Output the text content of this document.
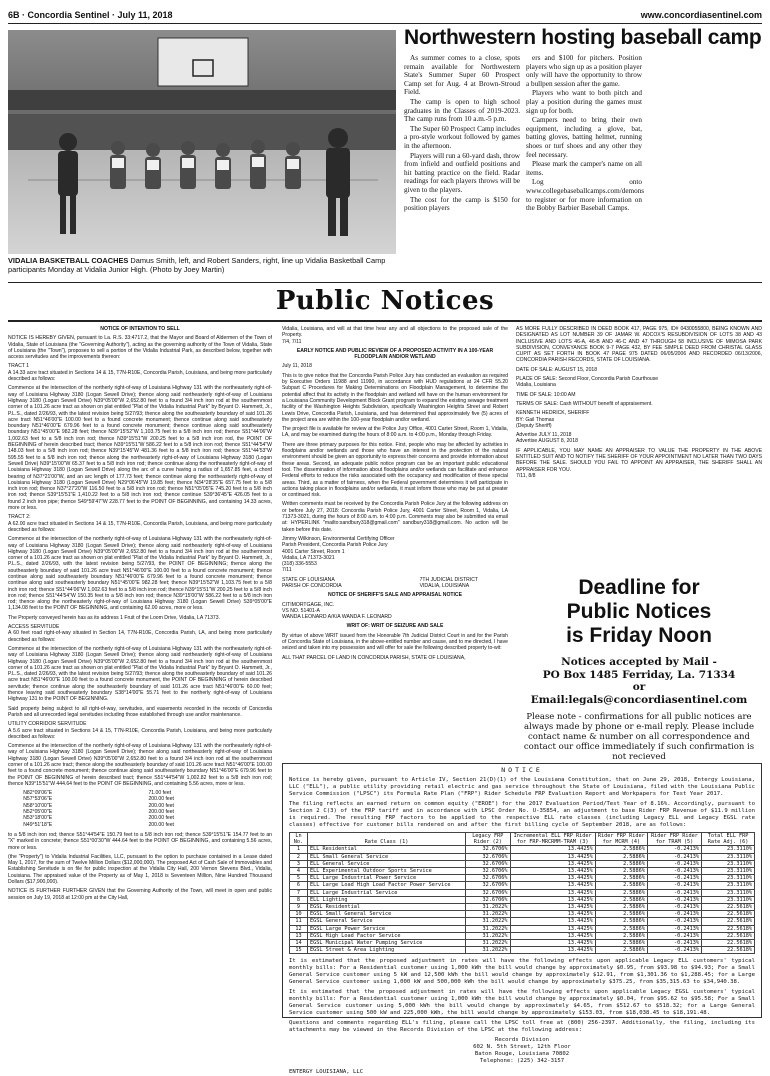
6B · Concordia Sentinel · July 11, 2018	www.concordiasentinel.com
VIDALIA BASKETBALL COACHES Damus Smith, left, and Robert Sanders, right, line up Vidalia Basketball Camp participants Monday at Vidalia Junior High. (Photo by Joey Martin)
Northwestern hosting baseball camp

As summer comes to a close, spots remain available for Northwestern State's Summer Super 60 Prospect Camp set for Aug. 4 at Brown-Stroud Field.

The camp is open to high school graduates in the Classes of 2019-2023. The camp runs from 10 a.m.-5 p.m.

The Super 60 Prospect Camp includes a pro-style workout followed by games in the afternoon.

Players will run a 60-yard dash, throw from infield and outfield positions and hit batting practice on the field. Radar readings for each players throws will be given to the players.

The cost for the camp is $150 for position players

ers and $100 for pitchers. Position players who sign up as a position player only will have the opportunity to throw a bullpen session after the game.

Players who want to both pitch and play a position during the games must sign up for both.

Campers need to bring their own equipment, including a glove, bat, batting gloves, batting helmet, running shoes or turf shoes and any other they feel necessary.

Please mark the camper's name on all items.

Log onto www.collegebaseballcamps.com/demons to register or for more information on the Bobby Barbier Baseball Camps.

Public Notices

NOTICE OF INTENTION TO SELL

NOTICE IS HEREBY GIVEN, pursuant to La. R.S. 33:4717.2, that the Mayor and Board of Aldermen of the Town of Vidalia, State of Louisiana (the "Governing Authority"), acting as the governing authority of the Town of Vidalia, State of Louisiana (the "Town"), proposes to sell a portion of the Vidalia Industrial Park, as described below, together with access servitudes and the improvements thereon:

TRACT 1
A 14.33 acre tract situated in Sections 14 & 15, T7N-R10E, Concordia Parish, Louisiana, and being more particularly described as follows:

Commence at the intersection of the northerly right-of-way of Louisiana Highway 131 with the northeasterly right-of-way of Louisiana Highway 3180 (Logan Sewell Drive); thence along said northeasterly right-of-way of Louisiana Highway 3180 (Logan Sewell Drive) N39°05'00"W 2,652.80 feet to a found 3/4 inch iron rod at the southernmost corner of a 101.26 acre tract as shown on plat entitled "Plat of the Vidalia Industrial Park" by Bryant O. Hammett, Jr., P.L.S., dated 2/26/93, with the latest revision being 5/27/93; thence along the southeasterly boundary of said 101.26 acre tract N51°46'00"E 100.00 feet to a found concrete monument; thence continue along said southeasterly boundary N51°46'00"E 679.96 feet to a found concrete monument; thence continue along said southeasterly boundary N51°45'00"E 982.28 feet; thence N39°15'52"W 1,103.75 feet to a 5/8 inch iron rod; thence S51°44'06"W 1,002.63 feet to a 5/8 inch iron rod; thence N39°15'51"W 200.25 feet to a 5/8 inch iron rod, the POINT OF BEGINNING of herein described tract; thence N39°15'51"W 586.22 feet to a 5/8 inch iron rod; thence S51°44'54"W 148.03 feet to a 5/8 inch iron rod; thence N39°15'45"W 481.36 feet to a 5/8 inch iron rod; thence S51°44'53"W 595.55 feet to a 5/8 inch iron rod; thence along the northeasterly right-of-way of Louisiana Highway 3180 (Logan Sewell Drive) N39°15'00"W 65.37 feet to a 5/8 inch iron rod; thence continue along the northeasterly right-of-way of Louisiana Highway 3180 (Logan Sewell Drive) along the arc of a curve having a radius of 1,657.85 feet, a chord bearing of N37°21'00"W, and an arc length of 177.73 feet; thence continue along the northeasterly right-of-way of Louisiana Highway 3180 (Logan Sewell Drive) N29°06'45"W 19.85 feet; thence N34°28'35"E 657.75 feet to a 5/8 inch iron rod; thence N37°27'20"W 116.50 feet to a 5/8 inch iron rod; thence N51°05'05"E 745.20 feet to a 5/8 inch iron rod; thence S39°15'51"E 1,410.22 feet to a 5/8 inch iron rod; thence continue S39°36'45"E 426.05 feet to a found 2 inch iron pipe; thence S49°59'47"W 228.77 feet to the POINT OF BEGINNING, and containing 14.33 acres, more or less.

TRACT 2:
A 62.00 acre tract situated in Sections 14 & 15, T7N-R10E, Concordia Parish, Louisiana, and being more particularly described as follows:

Commence at the intersection of the northerly right-of-way of Louisiana Highway 131 with the northeasterly right-of-way of Louisiana Highway 3180 (Logan Sewell Drive); thence along said northeasterly right-of-way of Louisiana Highway 3180 (Logan Sewell Drive) N39°05'00"W 2,652.80 feet to a found 3/4 inch iron rod at the southernmost corner of a 101.26 acre tract as shown on plat entitled "Plat of the Vidalia Industrial Park" by Bryant O. Hammett, Jr., P.L.S., dated 2/26/93, with the latest revision being 5/27/93, the POINT OF BEGINNING; thence along the southeasterly boundary of said 101.26 acre tract N51°46'00"E 100.00 feet to a found concrete monument; thence continue along said southeasterly boundary N51°46'00"E 679.96 feet to a found concrete monument; thence continue along said southeasterly boundary N51°45'00"E 982.28 feet; thence N39°15'52"W 1,103.75 feet to a 5/8 inch iron rod; thence S51°44'06"W 1,002.63 feet to a 5/8 inch iron rod; thence N39°15'51"W 200.25 feet to a 5/8 inch iron rod; thence S51°44'54"W 150.35 feet to a 5/8 inch iron rod; thence N39°15'00"W 586.22 feet to a 5/8 inch iron rod; thence along the northeasterly right-of-way of Louisiana Highway 3180 (Logan Sewell Drive) S39°05'00"E 1,134.08 feet to the POINT OF BEGINNING, and containing 62.00 acres, more or less.

The Property conveyed herein has as its address 1 Fruit of the Loom Drive, Vidalia, LA 71373.

ACCESS SERVITUDE
A 60 feet road right-of-way situated in Section 14, T7N-R10E, Concordia Parish, LA, and being more particularly described as follows:

Commence at the intersection of the northerly right-of-way of Louisiana Highway 131 with the northeasterly right-of-way of Louisiana Highway 3180 (Logan Sewell Drive); thence along said northeasterly right-of-way of Louisiana Highway 3180 (Logan Sewell Drive) N39°05'00"W 2,652.80 feet to a found 3/4 inch iron rod at the southernmost corner of a 101.26 acre tract as shown on plat entitled "Plat of the Vidalia Industrial Park" by Bryant O. Hammett, Jr., P.L.S., dated 2/26/93, with the latest revision being 5/27/93; thence along the southeasterly boundary of said 101.26 acre tract N51°46'00"E 100.00 feet to a found concrete monument, the POINT OF BEGINNING of herein described servitude; thence continue along the southeasterly boundary of said 101.26 acre tract N51°46'00"E 60.00 feet; thence leaving said southeasterly boundary S38°14'00"E 55.71 feet to the northerly right-of-way of Louisiana Highway 131 to the POINT OF BEGINNING.

Said property being subject to all right-of-way, servitudes, and easements recorded in the records of Concordia Parish and all unrecorded legal servitudes including those established through use and/or maintenance.

UTILITY CORRIDOR SERVITUDE
A 5.6 acre tract situated in Sections 14 & 15, T7N-R10E, Concordia Parish, Louisiana, and being more particularly described as follows:

Commence at the intersection of the northerly right-of-way of Louisiana Highway 131 with the northeasterly right-of-way of Louisiana Highway 3180 (Logan Sewell Drive); thence along said northeasterly right-of-way of Louisiana Highway 3180 (Logan Sewell Drive) N39°05'00"W 2,652.80 feet to a found 3/4 inch iron rod at the southernmost corner of a 101.26 acre tract; thence along the southeasterly boundary of said 101.26 acre tract N51°46'00"E 100.00 feet to a found concrete monument; thence continue along said southeasterly boundary N51°46'00"E 679.96 feet to the POINT OF BEGINNING of herein described tract; thence S51°44'54"W 1,002.82 feet to a 5/8 inch iron rod; thence N39°15'51"W 444.64 feet to the POINT OF BEGINNING, and containing 5.56 acres, more or less.

N82°09'06"E	71.00 feet
N57°53'06"E	200.00 feet
N58°10'00"E	200.00 feet
N52°05'00"E	200.00 feet
N53°18'00"E	200.00 feet
N49°51'18"E	200.00 feet

to a 5/8 inch iron rod; thence S51°44'54"E 150.79 feet to a 5/8 inch iron rod; thence S39°15'51"E 154.77 feet to an "X" marked in concrete; thence S51°00'30"W 444.64 feet to the POINT OF BEGINNING, and containing 5.56 acres, more or less.

(the "Property") to Vidalia Industrial Facilities, LLC, pursuant to the option to purchase contained in a Lease dated May 1, 2017, for the sum of Twelve Million Dollars ($12,000,000). The proposed Act of Cash Sale of Immovables and Establishing Servitude is on file for public inspection at the Vidalia City Hall, 200 Vernon Stevens Blvd., Vidalia, Louisiana. The appraised value of the Property as of May 1, 2018 is Seventeen Million, Nine Hundred Thousand Dollars ($17,900,000).

NOTICE IS FURTHER FURTHER GIVEN that the Governing Authority of the Town, will meet in open and public session on July 19, 2018 at 12:00 pm at the City Hall,

Vidalia, Louisiana, and will at that time hear any and all objections to the proposed sale of the Property.
7/4, 7/11

EARLY NOTICE AND PUBLIC REVIEW OF A PROPOSED ACTIVITY IN A 100-YEAR FLOODPLAIN AND/OR WETLAND

July 11, 2018

This is to give notice that the Concordia Parish Police Jury has conducted an evaluation as required by Executive Orders 11988 and 11990, in accordance with HUD regulations at 24 CFR 55.20 Subpart C Procedures for Making Determinations on Floodplain Management, to determine the potential affect that its activity in the floodplain and wetland will have on the human environment for a Louisiana Community Development Block Grant program to expand the existing sewage treatment facility of the Washington Heights Subdivision, specifically Washington Heights Street and Robert Lewis Drive, Concordia Parish, Louisiana, and has determined that approximately five (5) acres of the project area are within the 100-year floodplain and/or wetland.

The project file is available for review at the Police Jury Office, 4001 Carter Street, Room 1, Vidalia, LA, and may be examined during the hours of 8:00 a.m. to 4:00 p.m., Monday through Friday.

There are three primary purposes for this notice. First, people who may be affected by activities in floodplains and/or wetlands and those who have an interest in the protection of the natural environment should be given an opportunity to express their concerns and provide information about these areas. Second, an adequate public notice program can be an important public educational tool. The dissemination of information about floodplains and/or wetlands can facilitate and enhance Federal efforts to reduce the risks associated with the occupancy and modification of these special areas. Third, as a matter of fairness, when the Federal government determines it will participate in actions taking place in floodplains and/or wetlands, it must inform those who may be put at greater or continued risk.

Written comments must be received by the Concordia Parish Police Jury at the following address on or before July 27, 2018: Concordia Parish Police Jury, 4001 Carter Street, Room 1, Vidalia, LA 71373-3021, during the hours of 8:00 a.m. to 4:00 p.m. Comments may also be submitted via email at: HYPERLINK "mailto:sandbury318@gmail.com" sandbury318@gmail.com. No action will be taken before this date.

Jimmy Wilkinson, Environmental Certifying Officer
Parish President, Concordia Parish Police Jury
4001 Carter Street, Room 1
Vidalia, LA 71373-3021
(318) 336-5553
7/11

STATE OF LOUISIANA
PARISH OF CONCORDIA
7TH JUDICIAL DISTRICT
VIDALIA, LOUISIANA

NOTICE OF SHERIFF'S SALE AND APPRAISAL NOTICE

CITIMORTGAGE, INC.
VS NO. 51401-A
WANDA LEONARD A/K/A WANDA F. LEONARD

WRIT OF: WRIT OF SEIZURE AND SALE

By virtue of above WRIT issued from the Honorable 7th Judicial District Court in and for the Parish of Concordia State of Louisiana, in the above-entitled number and cause, and to me directed, I have seized and taken into my possession and will offer for sale the following described property to-wit:

ALL THAT PARCEL OF LAND IN CONCORDIA PARISH, STATE OF LOUISIANA,

AS MORE FULLY DESCRIBED IN DEED BOOK 417, PAGE 975, ID# 0430055800, BEING KNOWN AND DESIGNATED AS LOT NUMBER 39 OF JAMAR W. ADCOX'S RESUBDIVISION OF LOTS 38 AND 43 INCLUSIVE AND LOTS 46-A, 46-B AND 46-C AND 47 THROUGH 58 INCLUSIVE OF MIMOSA PARK SUBDIVISION, CONVEYANCE BOOK 9-7 PAGE 432, BY FEE SIMPLE DEED FROM CHRISTAL GLASS CUPIT AS SET FORTH IN BOOK 47 PAGE 975 DATED 06/05/2006 AND RECORDED 06/13/2006, CONCORDIA PARISH RECORDS, STATE OF LOUISIANA.

DATE OF SALE: AUGUST 15, 2018

PLACE OF SALE: Second Floor, Concordia Parish Courthouse
Vidalia, Louisiana

TIME OF SALE: 10:00 AM

TERMS OF SALE: Cash WITHOUT benefit of appraisement.

KENNETH HEDRICK, SHERIFF
BY: Gail Thomas
(Deputy Sheriff)

Advertise JULY 11, 2018
Advertise AUGUST 8, 2018

IF APPLICABLE, YOU MAY NAME AN APPRAISER TO VALUE THE PROPERTY IN THE ABOVE ENTITLED SUIT AND TO NOTIFY THE SHERIFF OF YOUR APPOINTMENT NO LATER THAN TWO DAYS BEFORE THE SALE. SHOULD YOU FAIL TO APPOINT AN APPRAISER, THE SHERIFF SHALL AN APPRAISER FOR YOU.
7/11, 8/8

Deadline for
Public Notices
is Friday Noon
Notices accepted by Mail -
PO Box 1485 Ferriday, La. 71334
or
Email:legals@concordiasentinel.com
Please note - confirmations for all public notices are always made by phone or e-mail reply. Please include contact name & number on all correspondence and contact our office immediately if such confirmation is not recieved
NOTICE

Notice is hereby given, pursuant to Article IV, Section 21(D)(1) of the Louisiana Constitution, that on June 29, 2018, Entergy Louisiana, LLC ("ELL"), a public utility providing retail electric and gas service throughout the State of Louisiana, filed with the Louisiana Public Service Commission ("LPSC") its Formula Rate Plan ("FRP") Rider Schedule FRP Evaluation Report and Workpapers for Test Year 2017.

The filing reflects an earned return on common equity ("EROE") for the 2017 Evaluation Period/Test Year of 8.16%. Accordingly, pursuant to Section 2 C(3) of the FRP tariff and in accordance with LPSC Order No. U-35854, an adjustment to base Rider FRP Revenue of $11.9 million is required. The resulting FRP factors to be applied to the respective ELL rate classes (including Legacy ELL and Legacy EGSL rate classes) effective for customer bills rendered on and after the first billing cycle of September 2018, are as follows:

Ln No.	Rate Class (1)	Legacy FRP Rider (2)	Incremental ELL FRP Rider for FRP-MRCRMM-TRAM (3)	Rider FRP Rider for MCRM (4)	Rider FRP Rider for TRAM (5)	Total ELL FRP Rate Adj. (6)
1	ELL Residential	32.6706%	13.4425%	2.5886%	-0.2413%	23.3110%
2	ELL Small General Service	32.6706%	13.4425%	2.5886%	-0.2413%	23.3110%
3	ELL General Service	32.6706%	13.4425%	2.5886%	-0.2413%	23.3110%
4	ELL Experimental Outdoor Sports Service	32.6706%	13.4425%	2.5886%	-0.2413%	23.3110%
5	ELL Large Industrial Power Service	32.6706%	13.4425%	2.5886%	-0.2413%	23.3110%
6	ELL Large Load High Load Factor Power Service	32.6706%	13.4425%	2.5886%	-0.2413%	23.3110%
7	ELL Large Industrial Service	32.6706%	13.4425%	2.5886%	-0.2413%	23.3110%
8	ELL Lighting	32.6706%	13.4425%	2.5886%	-0.2413%	23.3110%
9	EGSL Residential	31.2022%	13.4425%	2.5886%	-0.2413%	22.5618%
10	EGSL Small General Service	31.2022%	13.4425%	2.5886%	-0.2413%	22.5618%
11	EGSL General Service	31.2022%	13.4425%	2.5886%	-0.2413%	22.5618%
12	EGSL Large Power Service	31.2022%	13.4425%	2.5886%	-0.2413%	22.5618%
13	EGSL High Load Factor Service	31.2022%	13.4425%	2.5886%	-0.2413%	22.5618%
14	EGSL Municipal Water Pumping Service	31.2022%	13.4425%	2.5886%	-0.2413%	22.5618%
15	EGSL Street & Area Lighting	31.2022%	13.4425%	2.5886%	-0.2413%	22.5618%

It is estimated that the proposed adjustment in rates will have the following effects upon applicable Legacy ELL customers' typical monthly bills: For a Residential customer using 1,000 kWh the bill would change by approximately $0.95, from $93.98 to $94.93; For a Small General Service customer using 5 kW and 12,500 kWh the bill would change by approximately $12.91, from $1,301.36 to $1,288.45; for a Large General Service customer using 1,000 kW and 500,000 kWh the bill would change by approximately $375.25, from $35,315.63 to $34,940.38.

It is estimated that the proposed adjustment in rates will have the following effects upon applicable Legacy EGSL customers' typical monthly bills: For a Residential customer using 1,000 kWh the bill would change by approximately $0.04, from $95.62 to $95.58; For a Small General Service customer using 5,000 kWh the bill would change by approximately $4.65, from $512.67 to $518.32; for a Large General Service customer using 500 kW and 225,000 kWh, the bill would change by approximately $153.03, from $18,038.45 to $18,191.48.

Questions and comments regarding ELL's filing, please call the LPSC toll free at (800) 256-2397. Additionally, the filing, including its attachments may be viewed in the Records Division of the LPSC at the following address:

Records Division
602 N. 5th Street, 12th Floor
Baton Rouge, Louisiana 70802
Telephone: (225) 342-3157
ENTERGY LOUISIANA, LLC
